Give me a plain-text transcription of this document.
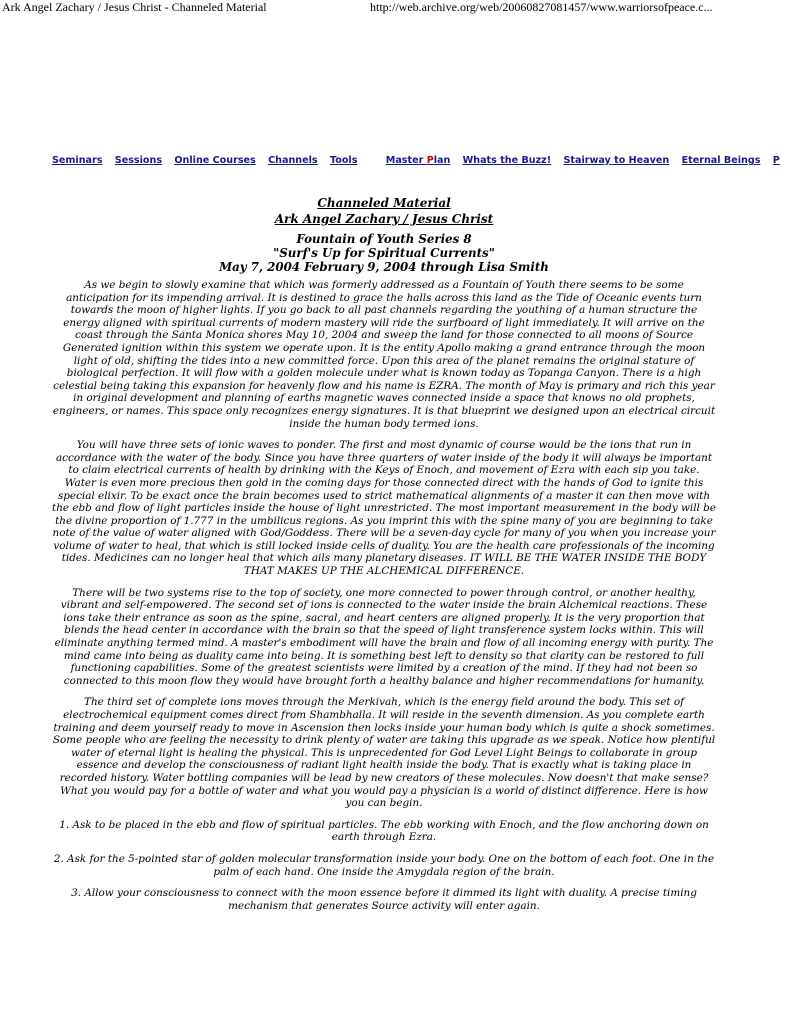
Ark Angel Zachary / Jesus Christ - Channeled Material	http://web.archive.org/web/20060827081457/www.warriorsofpeace.c...
Seminars Sessions Online Courses Channels Tools	Master Plan Whats the Buzz! Stairway to Heaven Eternal Beings P
Channeled Material
Ark Angel Zachary / Jesus Christ
Fountain of Youth Series 8
"Surf's Up for Spiritual Currents"
May 7, 2004 February 9, 2004 through Lisa Smith

As we begin to slowly examine that which was formerly addressed as a Fountain of Youth there seems to be some anticipation for its impending arrival. It is destined to grace the halls across this land as the Tide of Oceanic events turn towards the moon of higher lights. If you go back to all past channels regarding the youthing of a human structure the energy aligned with spiritual currents of modern mastery will ride the surfboard of light immediately. It will arrive on the coast through the Santa Monica shores May 10, 2004 and sweep the land for those connected to all moons of Source Generated ignition within this system we operate upon. It is the entity Apollo making a grand entrance through the moon light of old, shifting the tides into a new committed force. Upon this area of the planet remains the original stature of biological perfection. It will flow with a golden molecule under what is known today as Topanga Canyon. There is a high celestial being taking this expansion for heavenly flow and his name is EZRA. The month of May is primary and rich this year in original development and planning of earths magnetic waves connected inside a space that knows no old prophets, engineers, or names. This space only recognizes energy signatures. It is that blueprint we designed upon an electrical circuit inside the human body termed ions.

You will have three sets of ionic waves to ponder. The first and most dynamic of course would be the ions that run in accordance with the water of the body. Since you have three quarters of water inside of the body it will always be important to claim electrical currents of health by drinking with the Keys of Enoch, and movement of Ezra with each sip you take. Water is even more precious then gold in the coming days for those connected direct with the hands of God to ignite this special elixir. To be exact once the brain becomes used to strict mathematical alignments of a master it can then move with the ebb and flow of light particles inside the house of light unrestricted. The most important measurement in the body will be the divine proportion of 1.777 in the umbilicus regions. As you imprint this with the spine many of you are beginning to take note of the value of water aligned with God/Goddess. There will be a seven-day cycle for many of you when you increase your volume of water to heal, that which is still locked inside cells of duality. You are the health care professionals of the incoming tides. Medicines can no longer heal that which ails many planetary diseases. IT WILL BE THE WATER INSIDE THE BODY THAT MAKES UP THE ALCHEMICAL DIFFERENCE.

There will be two systems rise to the top of society, one more connected to power through control, or another healthy, vibrant and self-empowered. The second set of ions is connected to the water inside the brain Alchemical reactions. These ions take their entrance as soon as the spine, sacral, and heart centers are aligned properly. It is the very proportion that blends the head center in accordance with the brain so that the speed of light transference system locks within. This will eliminate anything termed mind. A master's embodiment will have the brain and flow of all incoming energy with purity. The mind came into being as duality came into being. It is something best left to density so that clarity can be restored to full functioning capabilities. Some of the greatest scientists were limited by a creation of the mind. If they had not been so connected to this moon flow they would have brought forth a healthy balance and higher recommendations for humanity.

The third set of complete ions moves through the Merkivah, which is the energy field around the body. This set of electrochemical equipment comes direct from Shambhalla. It will reside in the seventh dimension. As you complete earth training and deem yourself ready to move in Ascension then locks inside your human body which is quite a shock sometimes. Some people who are feeling the necessity to drink plenty of water are taking this upgrade as we speak. Notice how plentiful water of eternal light is healing the physical. This is unprecedented for God Level Light Beings to collaborate in group essence and develop the consciousness of radiant light health inside the body. That is exactly what is taking place in recorded history. Water bottling companies will be lead by new creators of these molecules. Now doesn't that make sense? What you would pay for a bottle of water and what you would pay a physician is a world of distinct difference. Here is how you can begin.

1. Ask to be placed in the ebb and flow of spiritual particles. The ebb working with Enoch, and the flow anchoring down on earth through Ezra.

2. Ask for the 5-pointed star of golden molecular transformation inside your body. One on the bottom of each foot. One in the palm of each hand. One inside the Amygdala region of the brain.

3. Allow your consciousness to connect with the moon essence before it dimmed its light with duality. A precise timing mechanism that generates Source activity will enter again.
